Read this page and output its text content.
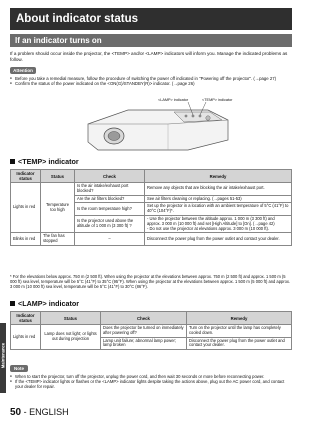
About indicator status
If an indicator turns on
If a problem should occur inside the projector, the <TEMP> and/or <LAMP> indicators will inform you. Manage the indicated problems as follow.
Attention
● Before you take a remedial measure, follow the procedure of switching the power off indicated in "Powering off the projector". (→page 27)
● Confirm the status of the power indicated on the <ON(G)/STANDBY(R)> indicator. (→page 26)
<LAMP> indicator	<TEMP> indicator
<TEMP> indicator
Indicator status	Status	Check	Remedy
Lights in red	Temperature too high	Is the air intake/exhaust port blocked?	Remove any objects that are blocking the air intake/exhaust port.
		Are the air filters blocked?	See air filters cleaning or replacing. (→pages 51-53)
		Is the room temperature high?	Set up the projector in a location with an ambient temperature of 5°C (41°F) to 40°C (104°F)*.
		Is the projector used above the altitude of 1 000 m (3 300 ft) ?	- Use the projector between the altitude approx. 1 000 m (3 300 ft) and approx. 3 000 m (10 000 ft) and set [High Altitude] to [On]. (→page 42)
- Do not use the projector at elevations approx. 3 000 m (10 000 ft).
Blinks in red	The fan has stopped	–	Disconnect the power plug from the power outlet and contact your dealer.
* For the elevations below approx. 750 m (2 500 ft). When using the projector at the elevations between approx. 750 m (2 500 ft) and approx. 1 500 m (5 000 ft) sea level, temperature will be 5°C (41°F) to 35°C (95°F). When using the projector at the elevations between approx. 1 500 m (5 000 ft) and approx. 3 000 m (10 000 ft) sea level, temperature will be 5°C (41°F) to 30°C (86°F).
<LAMP> indicator
Indicator status	Status	Check	Remedy
Lights in red	Lamp does not light; or lights out during projection	Does the projector be turned on immediately after powering off?	Turn on the projector until the lamp has completely cooled down.
		Lamp unit failure; abnormal lamp power; lamp broken	Disconnect the power plug from the power outlet and contact your dealer.
Note
● When to start the projector, turn off the projector, unplug the power cord, and then wait 30 seconds or more before reconnecting power.
● If the <TEMP> indicator lights or flashes or the <LAMP> indicator lights despite taking the actions above, plug out the AC power cord, and contact your dealer for repair.
Maintenance
50 - ENGLISH
